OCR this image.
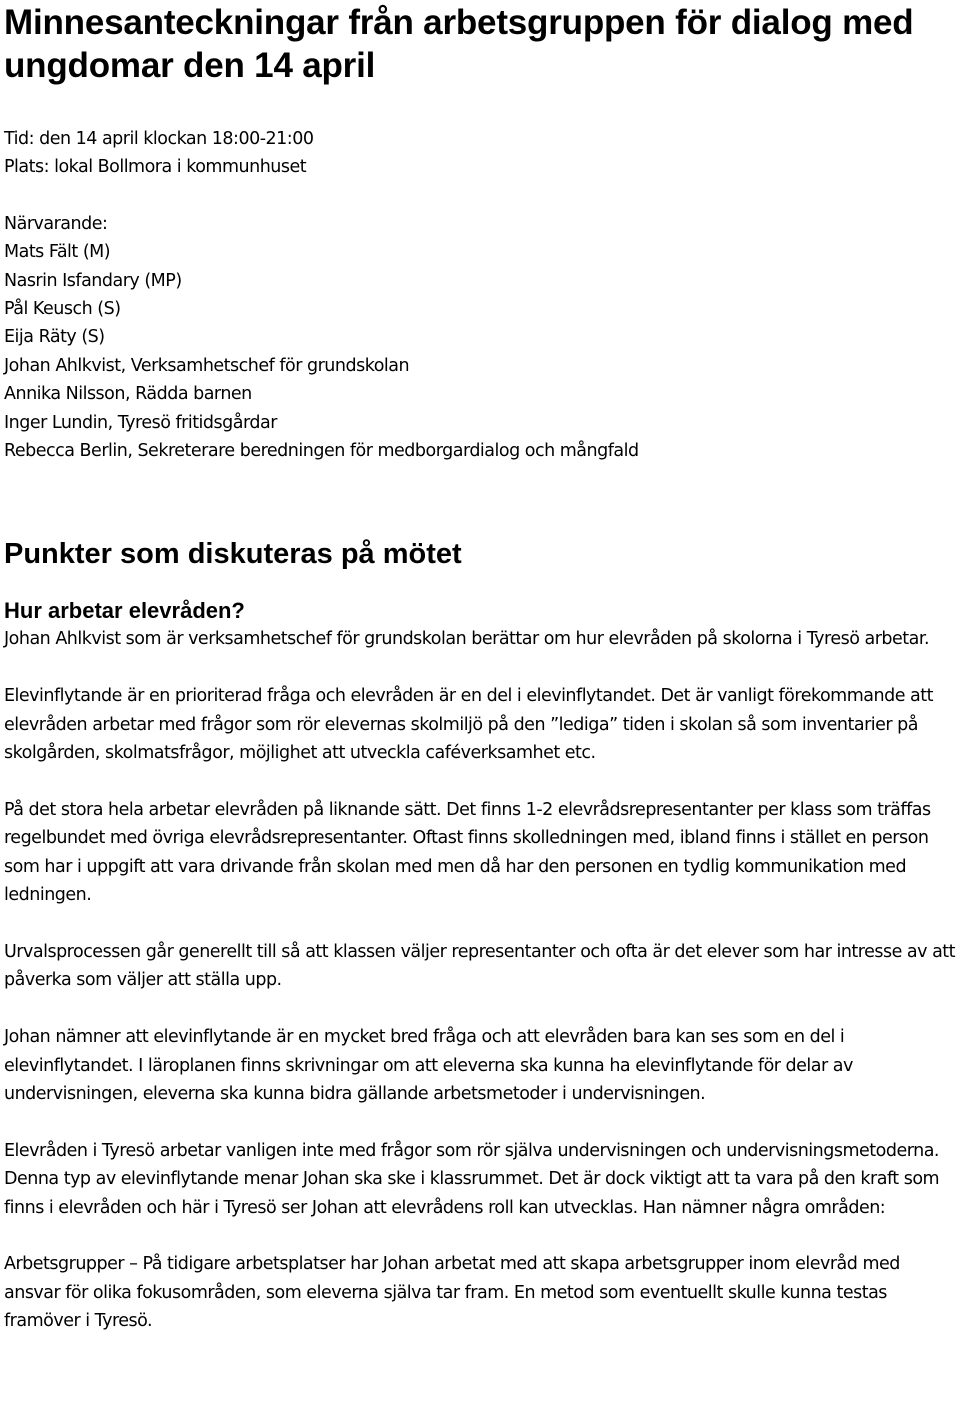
Minnesanteckningar från arbetsgruppen för dialog med ungdomar den 14 april

Tid: den 14 april klockan 18:00-21:00

Plats: lokal Bollmora i kommunhuset

Närvarande:

Mats Fält (M)
Nasrin Isfandary (MP)
Pål Keusch (S)
Eija Räty (S)
Johan Ahlkvist, Verksamhetschef för grundskolan
Annika Nilsson, Rädda barnen
Inger Lundin, Tyresö fritidsgårdar
Rebecca Berlin, Sekreterare beredningen för medborgardialog och mångfald
Punkter som diskuteras på mötet
Hur arbetar elevråden?

Johan Ahlkvist som är verksamhetschef för grundskolan berättar om hur elevråden på skolorna i Tyresö arbetar.

Elevinflytande är en prioriterad fråga och elevråden är en del i elevinflytandet. Det är vanligt förekommande att elevråden arbetar med frågor som rör elevernas skolmiljö på den ”lediga” tiden i skolan så som inventarier på skolgården, skolmatsfrågor, möjlighet att utveckla caféverksamhet etc.

På det stora hela arbetar elevråden på liknande sätt. Det finns 1-2 elevrådsrepresentanter per klass som träffas regelbundet med övriga elevrådsrepresentanter. Oftast finns skolledningen med, ibland finns i stället en person som har i uppgift att vara drivande från skolan med men då har den personen en tydlig kommunikation med ledningen.

Urvalsprocessen går generellt till så att klassen väljer representanter och ofta är det elever som har intresse av att påverka som väljer att ställa upp.

Johan nämner att elevinflytande är en mycket bred fråga och att elevråden bara kan ses som en del i elevinflytandet. I läroplanen finns skrivningar om att eleverna ska kunna ha elevinflytande för delar av undervisningen, eleverna ska kunna bidra gällande arbetsmetoder i undervisningen.

Elevråden i Tyresö arbetar vanligen inte med frågor som rör själva undervisningen och undervisningsmetoderna. Denna typ av elevinflytande menar Johan ska ske i klassrummet. Det är dock viktigt att ta vara på den kraft som finns i elevråden och här i Tyresö ser Johan att elevrådens roll kan utvecklas. Han nämner några områden:

Arbetsgrupper – På tidigare arbetsplatser har Johan arbetat med att skapa arbetsgrupper inom elevråd med ansvar för olika fokusområden, som eleverna själva tar fram. En metod som eventuellt skulle kunna testas framöver i Tyresö.
